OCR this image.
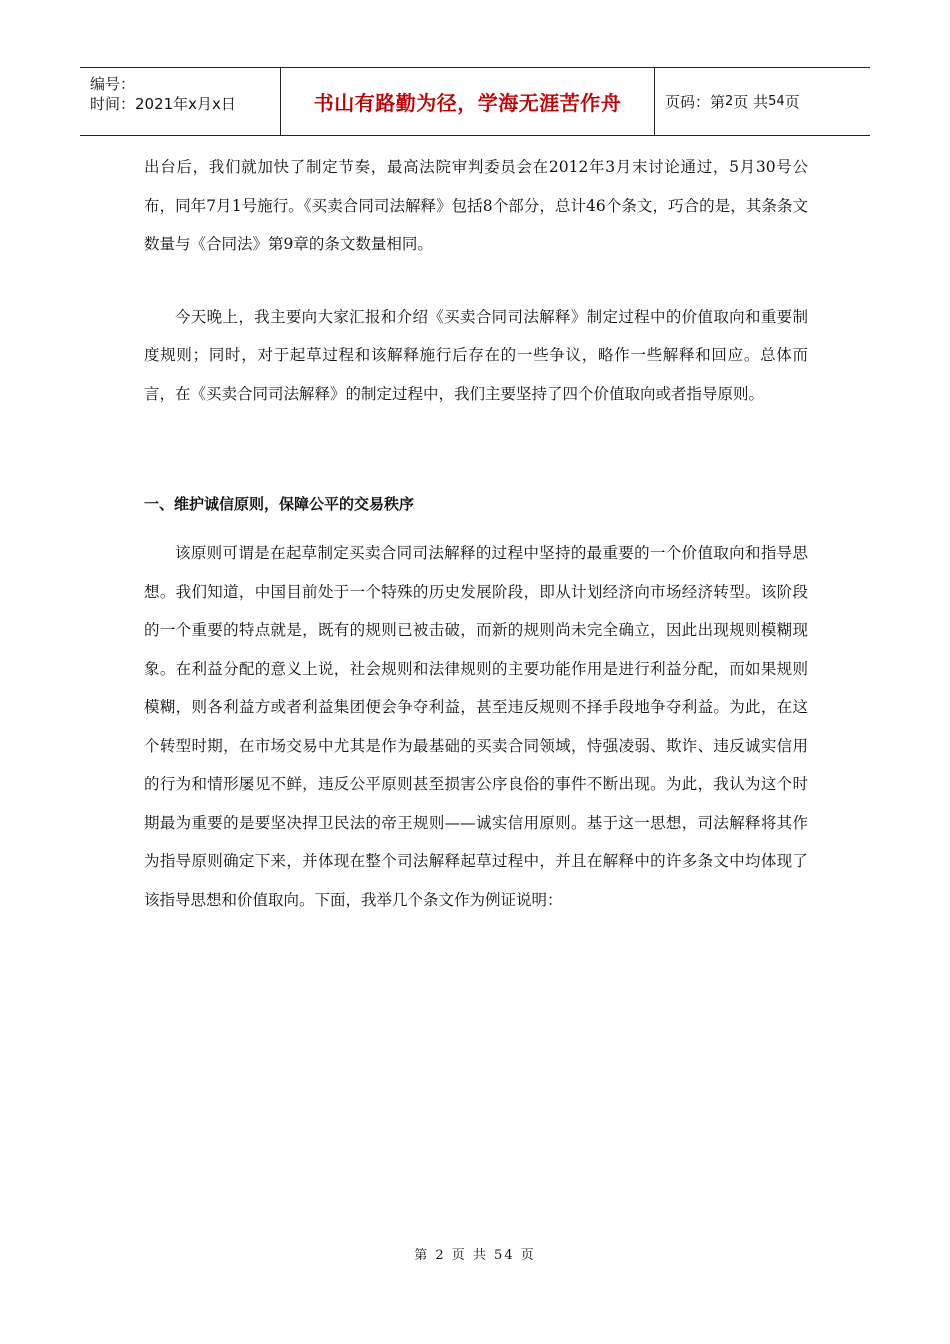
编号：
时间：2021年x月x日	书山有路勤为径，学海无涯苦作舟	页码：第 2 页 共 54 页

出台后，我们就加快了制定节奏，最高法院审判委员会在2012年3月末讨论通过，5月30号公布，同年7月1号施行。《买卖合同司法解释》包括8个部分，总计46个条文，巧合的是，其条条文数量与《合同法》第9章的条文数量相同。

今天晚上，我主要向大家汇报和介绍《买卖合同司法解释》制定过程中的价值取向和重要制度规则；同时，对于起草过程和该解释施行后存在的一些争议，略作一些解释和回应。总体而言，在《买卖合同司法解释》的制定过程中，我们主要坚持了四个价值取向或者指导原则。

一、维护诚信原则，保障公平的交易秩序

该原则可谓是在起草制定买卖合同司法解释的过程中坚持的最重要的一个价值取向和指导思想。我们知道，中国目前处于一个特殊的历史发展阶段，即从计划经济向市场经济转型。该阶段的一个重要的特点就是，既有的规则已被击破，而新的规则尚未完全确立，因此出现规则模糊现象。在利益分配的意义上说，社会规则和法律规则的主要功能作用是进行利益分配，而如果规则模糊，则各利益方或者利益集团便会争夺利益，甚至违反规则不择手段地争夺利益。为此，在这个转型时期，在市场交易中尤其是作为最基础的买卖合同领域，恃强凌弱、欺诈、违反诚实信用的行为和情形屡见不鲜，违反公平原则甚至损害公序良俗的事件不断出现。为此，我认为这个时期最为重要的是要坚决捍卫民法的帝王规则——诚实信用原则。基于这一思想，司法解释将其作为指导原则确定下来，并体现在整个司法解释起草过程中，并且在解释中的许多条文中均体现了该指导思想和价值取向。下面，我举几个条文作为例证说明：

第 2 页 共 54 页
